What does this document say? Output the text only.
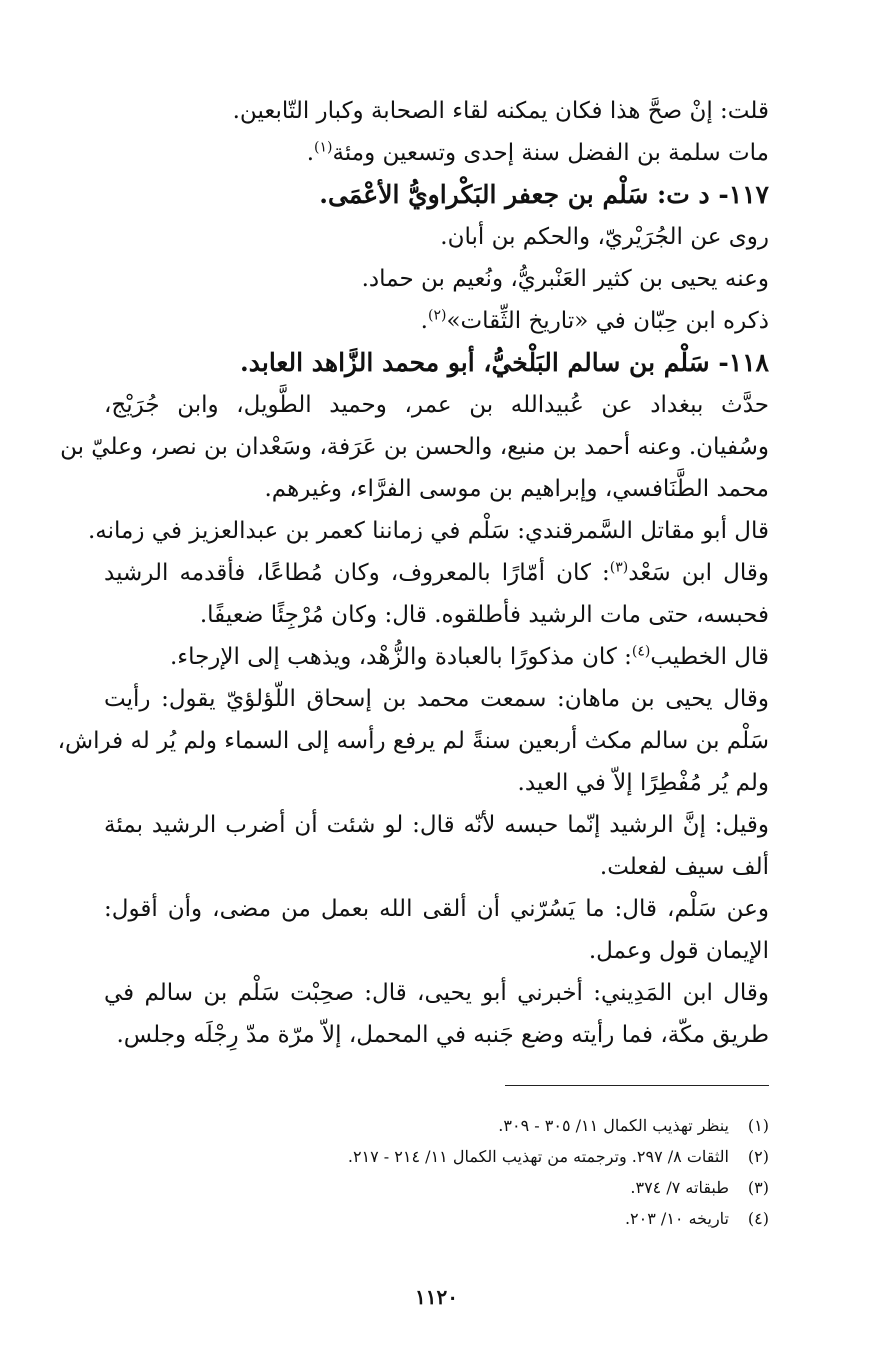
قلت: إنْ صحَّ هذا فكان يمكنه لقاء الصحابة وكبار التّابعين.
مات سلمة بن الفضل سنة إحدى وتسعين ومئة$^{(١)}$.
١١٧- د ت: سَلْم بن جعفر البَكْراويُّ الأعْمَى.
روى عن الجُرَيْريّ، والحكم بن أبان.
وعنه يحيى بن كثير العَنْبريُّ، ونُعيم بن حماد.
ذكره ابن حِبّان في «تاريخ الثِّقات»$^{(٢)}$.
١١٨- سَلْم بن سالم البَلْخيُّ، أبو محمد الزَّاهد العابد.
حدَّث ببغداد عن عُبيدالله بن عمر، وحميد الطَّويل، وابن جُرَيْج،
وسُفيان. وعنه أحمد بن منيع، والحسن بن عَرَفة، وسَعْدان بن نصر، وعليّ بن
محمد الطَّنَافسي، وإبراهيم بن موسى الفرَّاء، وغيرهم.
قال أبو مقاتل السَّمرقندي: سَلْم في زماننا كعمر بن عبدالعزيز في زمانه.
وقال ابن سَعْد$^{(٣)}$: كان أمّارًا بالمعروف، وكان مُطاعًا، فأقدمه الرشيد
فحبسه، حتى مات الرشيد فأطلقوه. قال: وكان مُرْجِئًا ضعيفًا.
قال الخطيب$^{(٤)}$: كان مذكورًا بالعبادة والزُّهْد، ويذهب إلى الإرجاء.
وقال يحيى بن ماهان: سمعت محمد بن إسحاق اللّؤلؤيّ يقول: رأيت
سَلْم بن سالم مكث أربعين سنةً لم يرفع رأسه إلى السماء ولم يُر له فراش،
ولم يُر مُفْطِرًا إلاّ في العيد.
وقيل: إنَّ الرشيد إنّما حبسه لأنّه قال: لو شئت أن أضرب الرشيد بمئة
ألف سيف لفعلت.
وعن سَلْم، قال: ما يَسُرّني أن ألقى الله بعمل من مضى، وأن أقول:
الإيمان قول وعمل.
وقال ابن المَدِيني: أخبرني أبو يحيى، قال: صحِبْت سَلْم بن سالم في
طريق مكّة، فما رأيته وضع جَنبه في المحمل، إلاّ مرّة مدّ رِجْلَه وجلس.
(١)ينظر تهذيب الكمال ١١/ ٣٠٥ - ٣٠٩.
(٢)الثقات ٨/ ٢٩٧. وترجمته من تهذيب الكمال ١١/ ٢١٤ - ٢١٧.
(٣)طبقاته ٧/ ٣٧٤.
(٤)تاريخه ١٠/ ٢٠٣.
١١٢٠
